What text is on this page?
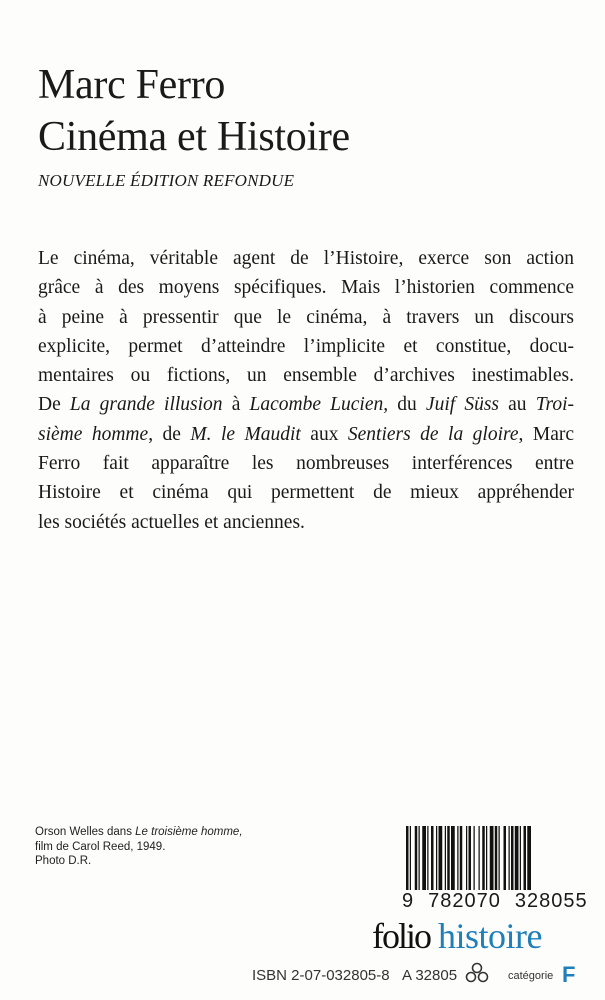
Marc Ferro
Cinéma et Histoire
NOUVELLE ÉDITION REFONDUE
Le cinéma, véritable agent de l’Histoire, exerce son action
grâce à des moyens spécifiques. Mais l’historien commence
à peine à pressentir que le cinéma, à travers un discours
explicite, permet d’atteindre l’implicite et constitue, docu-
mentaires ou fictions, un ensemble d’archives inestimables.
De La grande illusion à Lacombe Lucien, du Juif Süss au Troi-
sième homme, de M. le Maudit aux Sentiers de la gloire, Marc
Ferro fait apparaître les nombreuses interférences entre
Histoire et cinéma qui permettent de mieux appréhender
les sociétés actuelles et anciennes.
Orson Welles dans Le troisième homme,
film de Carol Reed, 1949.
Photo D.R.
9 782070 328055
folio histoire
ISBN 2-07-032805-8 A 32805	catégorie F
